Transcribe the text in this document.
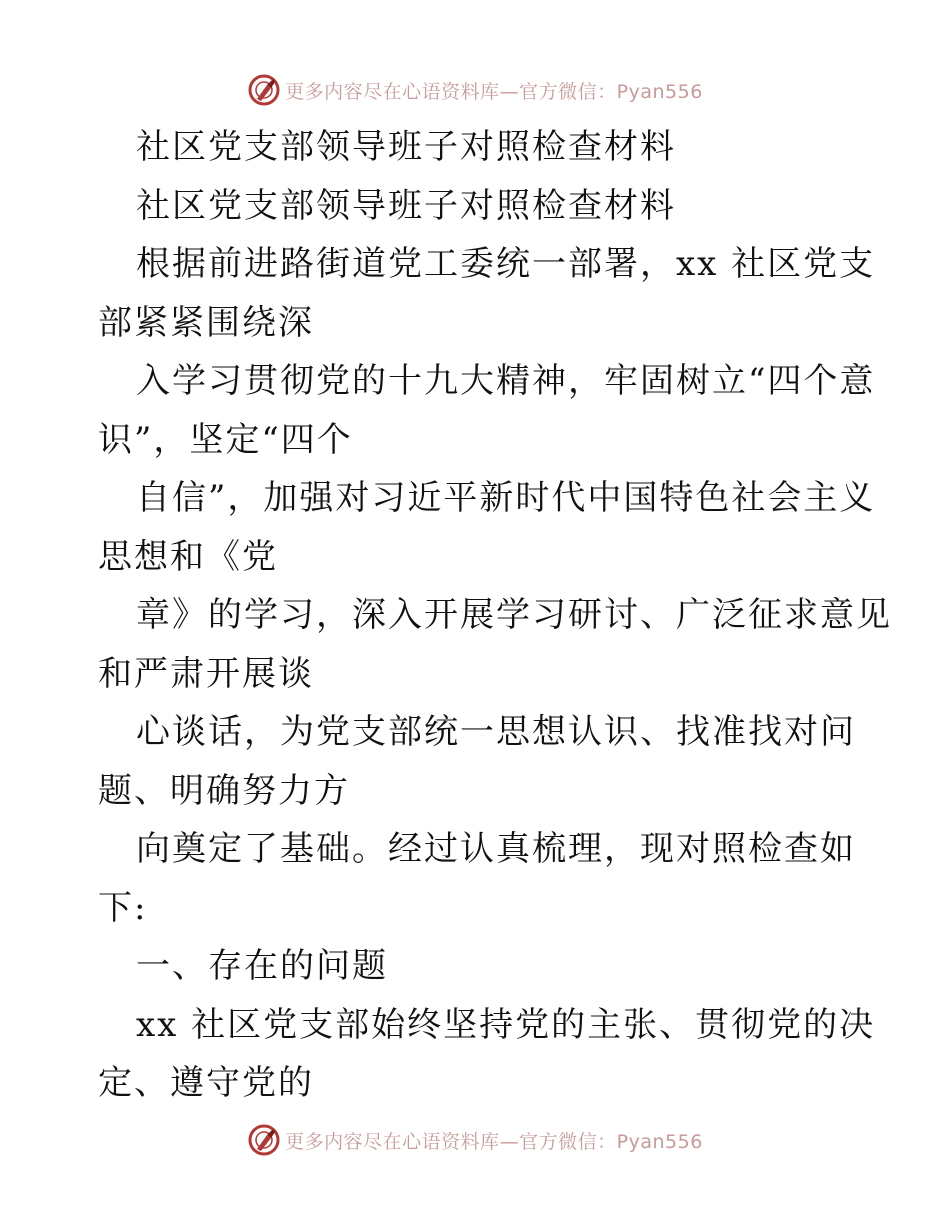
更多内容尽在心语资料库—官方微信：Pyan556
社区党支部领导班子对照检查材料
社区党支部领导班子对照检查材料
根据前进路街道党工委统一部署，xx 社区党支
部紧紧围绕深
入学习贯彻党的十九大精神，牢固树立“四个意
识”，坚定“四个
自信”，加强对习近平新时代中国特色社会主义
思想和《党
章》的学习，深入开展学习研讨、广泛征求意见
和严肃开展谈
心谈话，为党支部统一思想认识、找准找对问
题、明确努力方
向奠定了基础。经过认真梳理，现对照检查如
下:
一、存在的问题
xx 社区党支部始终坚持党的主张、贯彻党的决
定、遵守党的
更多内容尽在心语资料库—官方微信：Pyan556
